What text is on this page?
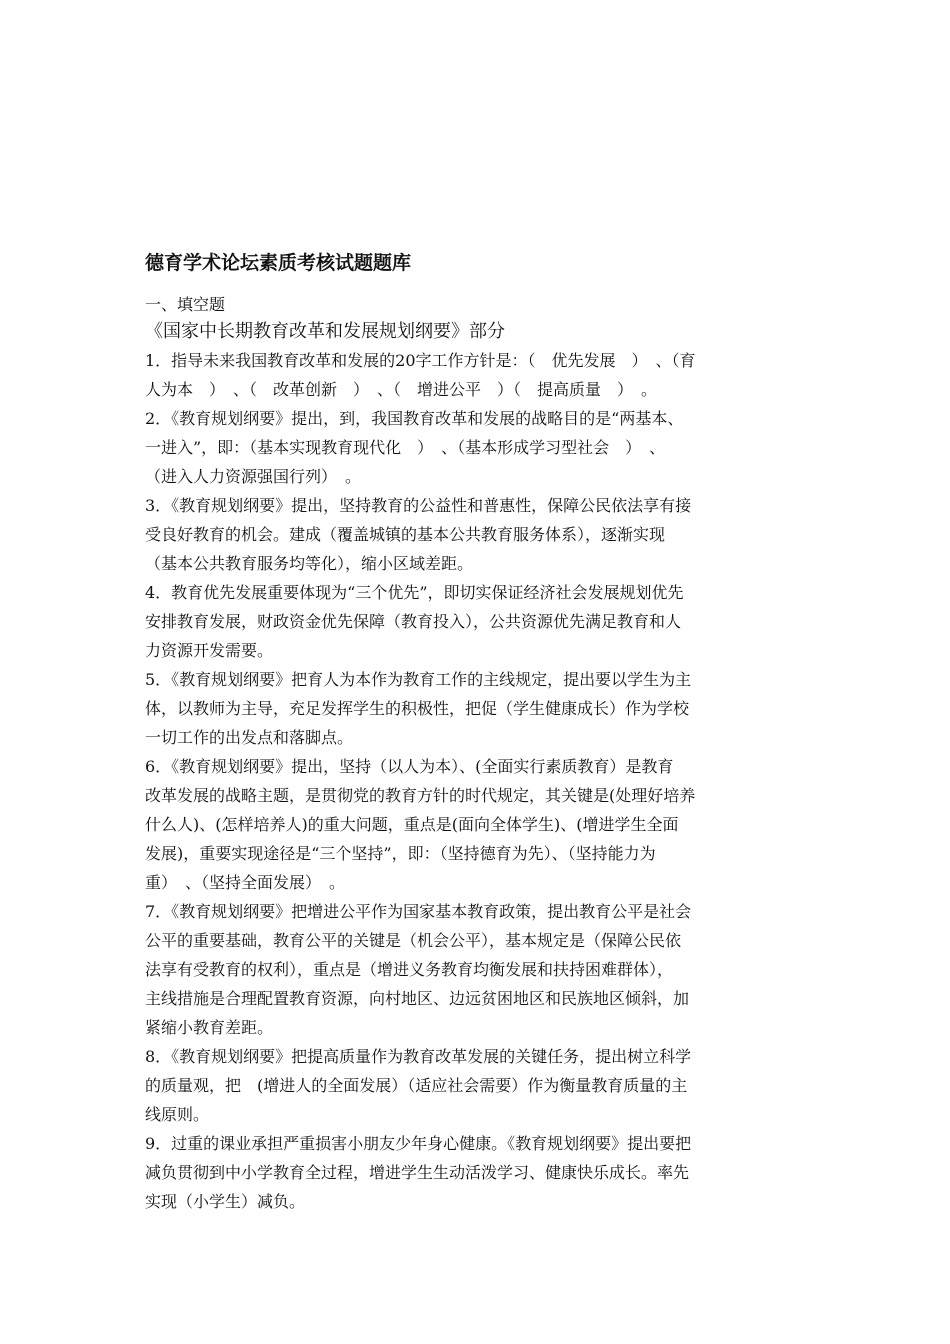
德育学术论坛素质考核试题题库

一、填空题

《国家中长期教育改革和发展规划纲要》部分

1．指导未来我国教育改革和发展的20字工作方针是：（　优先发展　）　、（育
人为本　）　、（　改革创新　）　、（　增进公平　）（　提高质量　）　。
2．《教育规划纲要》提出，到，我国教育改革和发展的战略目的是“两基本、
一进入”，即：（基本实现教育现代化　）　、（基本形成学习型社会　）　、
（进入人力资源强国行列）　。
3．《教育规划纲要》提出，坚持教育的公益性和普惠性，保障公民依法享有接
受良好教育的机会。建成（覆盖城镇的基本公共教育服务体系），逐渐实现
（基本公共教育服务均等化），缩小区域差距。
4．教育优先发展重要体现为“三个优先”，即切实保证经济社会发展规划优先
安排教育发展，财政资金优先保障（教育投入），公共资源优先满足教育和人
力资源开发需要。
5．《教育规划纲要》把育人为本作为教育工作的主线规定，提出要以学生为主
体，以教师为主导，充足发挥学生的积极性，把促（学生健康成长）作为学校
一切工作的出发点和落脚点。
6．《教育规划纲要》提出，坚持（以人为本）、(全面实行素质教育）是教育
改革发展的战略主题，是贯彻党的教育方针的时代规定，其关键是(处理好培养
什么人)、(怎样培养人)的重大问题，重点是(面向全体学生)、(增进学生全面
发展)，重要实现途径是“三个坚持”，即：（坚持德育为先）、（坚持能力为
重）　、（坚持全面发展）　。
7．《教育规划纲要》把增进公平作为国家基本教育政策，提出教育公平是社会
公平的重要基础，教育公平的关键是（机会公平），基本规定是（保障公民依
法享有受教育的权利），重点是（增进义务教育均衡发展和扶持困难群体），
主线措施是合理配置教育资源，向村地区、边远贫困地区和民族地区倾斜，加
紧缩小教育差距。
8．《教育规划纲要》把提高质量作为教育改革发展的关键任务，提出树立科学
的质量观，把　(增进人的全面发展）（适应社会需要）作为衡量教育质量的主
线原则。
9．过重的课业承担严重损害小朋友少年身心健康。《教育规划纲要》提出要把
减负贯彻到中小学教育全过程，增进学生生动活泼学习、健康快乐成长。率先
实现（小学生）减负。
